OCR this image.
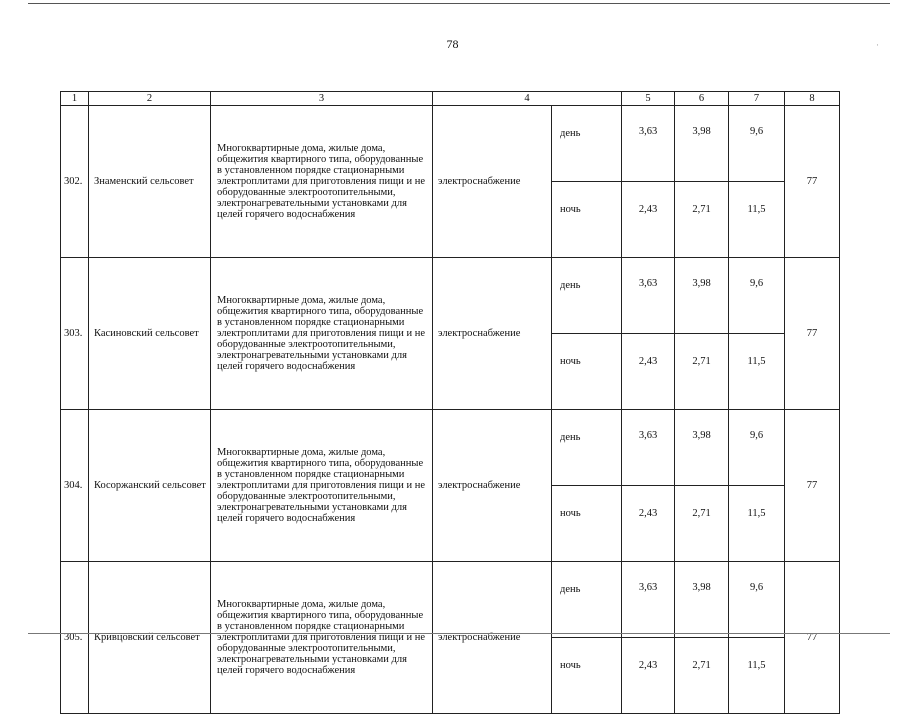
78	·
1	2	3	4		5	6	7	8
302.	Знаменский сельсовет	Многоквартирные дома, жилые дома, общежития квартирного типа, оборудованные в установленном порядке стационарными электроплитами для приготовления пищи и не оборудованные электроотопительными, электронагревательными установками для целей горячего водоснабжения	электроснабжение	день	3,63	3,98	9,6	77
				ночь	2,43	2,71	11,5	
303.	Касиновский сельсовет	Многоквартирные дома, жилые дома, общежития квартирного типа, оборудованные в установленном порядке стационарными электроплитами для приготовления пищи и не оборудованные электроотопительными, электронагревательными установками для целей горячего водоснабжения	электроснабжение	день	3,63	3,98	9,6	77
				ночь	2,43	2,71	11,5	
304.	Косоржанский сельсовет	Многоквартирные дома, жилые дома, общежития квартирного типа, оборудованные в установленном порядке стационарными электроплитами для приготовления пищи и не оборудованные электроотопительными, электронагревательными установками для целей горячего водоснабжения	электроснабжение	день	3,63	3,98	9,6	77
				ночь	2,43	2,71	11,5	
305.	Кривцовский сельсовет	Многоквартирные дома, жилые дома, общежития квартирного типа, оборудованные в установленном порядке стационарными электроплитами для приготовления пищи и не оборудованные электроотопительными, электронагревательными установками для целей горячего водоснабжения	электроснабжение	день	3,63	3,98	9,6	77
				ночь	2,43	2,71	11,5	
